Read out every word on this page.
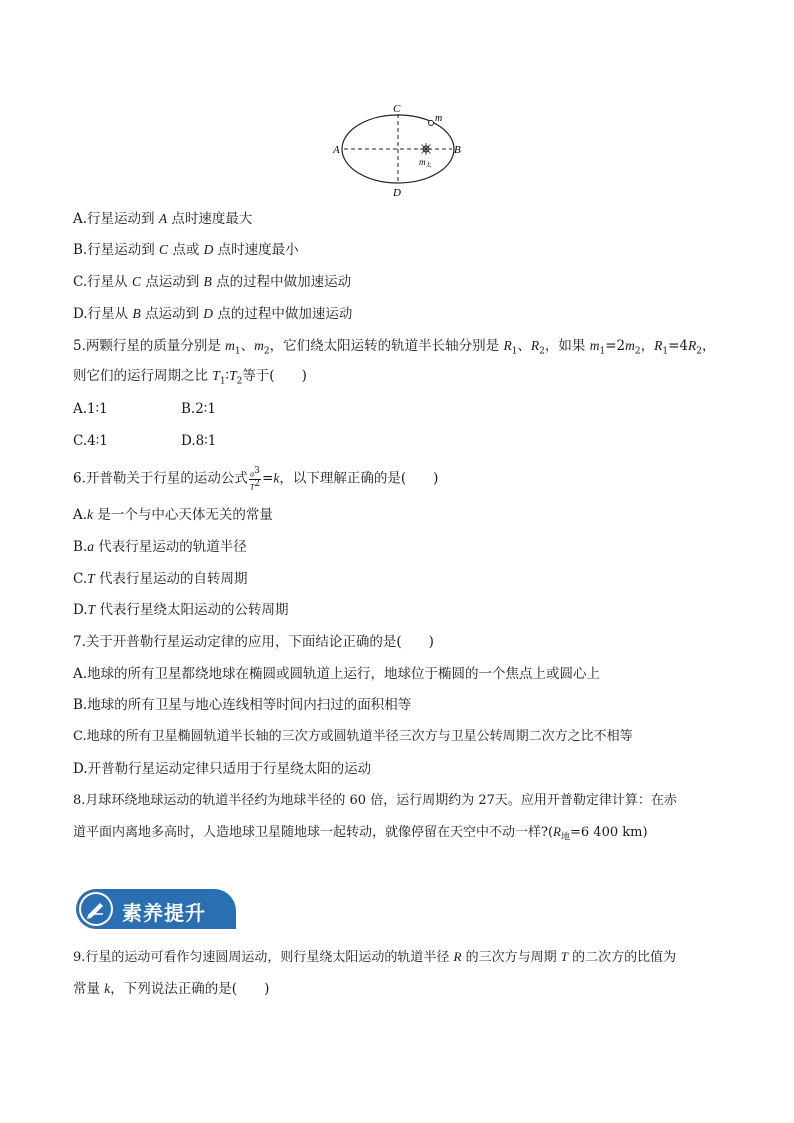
C
D
A	B
m
$m_太$
A.行星运动到 A 点时速度最大
B.行星运动到 C 点或 D 点时速度最小
C.行星从 C 点运动到 B 点的过程中做加速运动
D.行星从 B 点运动到 D 点的过程中做加速运动
5.两颗行星的质量分别是 $m_1$、$m_2$，它们绕太阳运转的轨道半长轴分别是 $R_1$、$R_2$，如果 $m_1=2m_2$，$R_1=4R_2$，
则它们的运行周期之比 $T_1∶T_2$等于(　　)
A.1∶1	B.2∶1
C.4∶1	D.8∶1
6.开普勒关于行星的运动公式 $\frac{a^3}{T^2} =k$，以下理解正确的是(　　)
A.k 是一个与中心天体无关的常量
B.a 代表行星运动的轨道半径
C.T 代表行星运动的自转周期
D.T 代表行星绕太阳运动的公转周期
7.关于开普勒行星运动定律的应用，下面结论正确的是(　　)
A.地球的所有卫星都绕地球在椭圆或圆轨道上运行，地球位于椭圆的一个焦点上或圆心上
B.地球的所有卫星与地心连线相等时间内扫过的面积相等
C.地球的所有卫星椭圆轨道半长轴的三次方或圆轨道半径三次方与卫星公转周期二次方之比不相等
D.开普勒行星运动定律只适用于行星绕太阳的运动
8.月球环绕地球运动的轨道半径约为地球半径的 60 倍，运行周期约为 27天。应用开普勒定律计算：在赤
道平面内离地多高时，人造地球卫星随地球一起转动，就像停留在天空中不动一样$?(R_地=6$ 400 km)
素养提升
9.行星的运动可看作匀速圆周运动，则行星绕太阳运动的轨道半径 R 的三次方与周期 T 的二次方的比值为
常量 k，下列说法正确的是(　　)
